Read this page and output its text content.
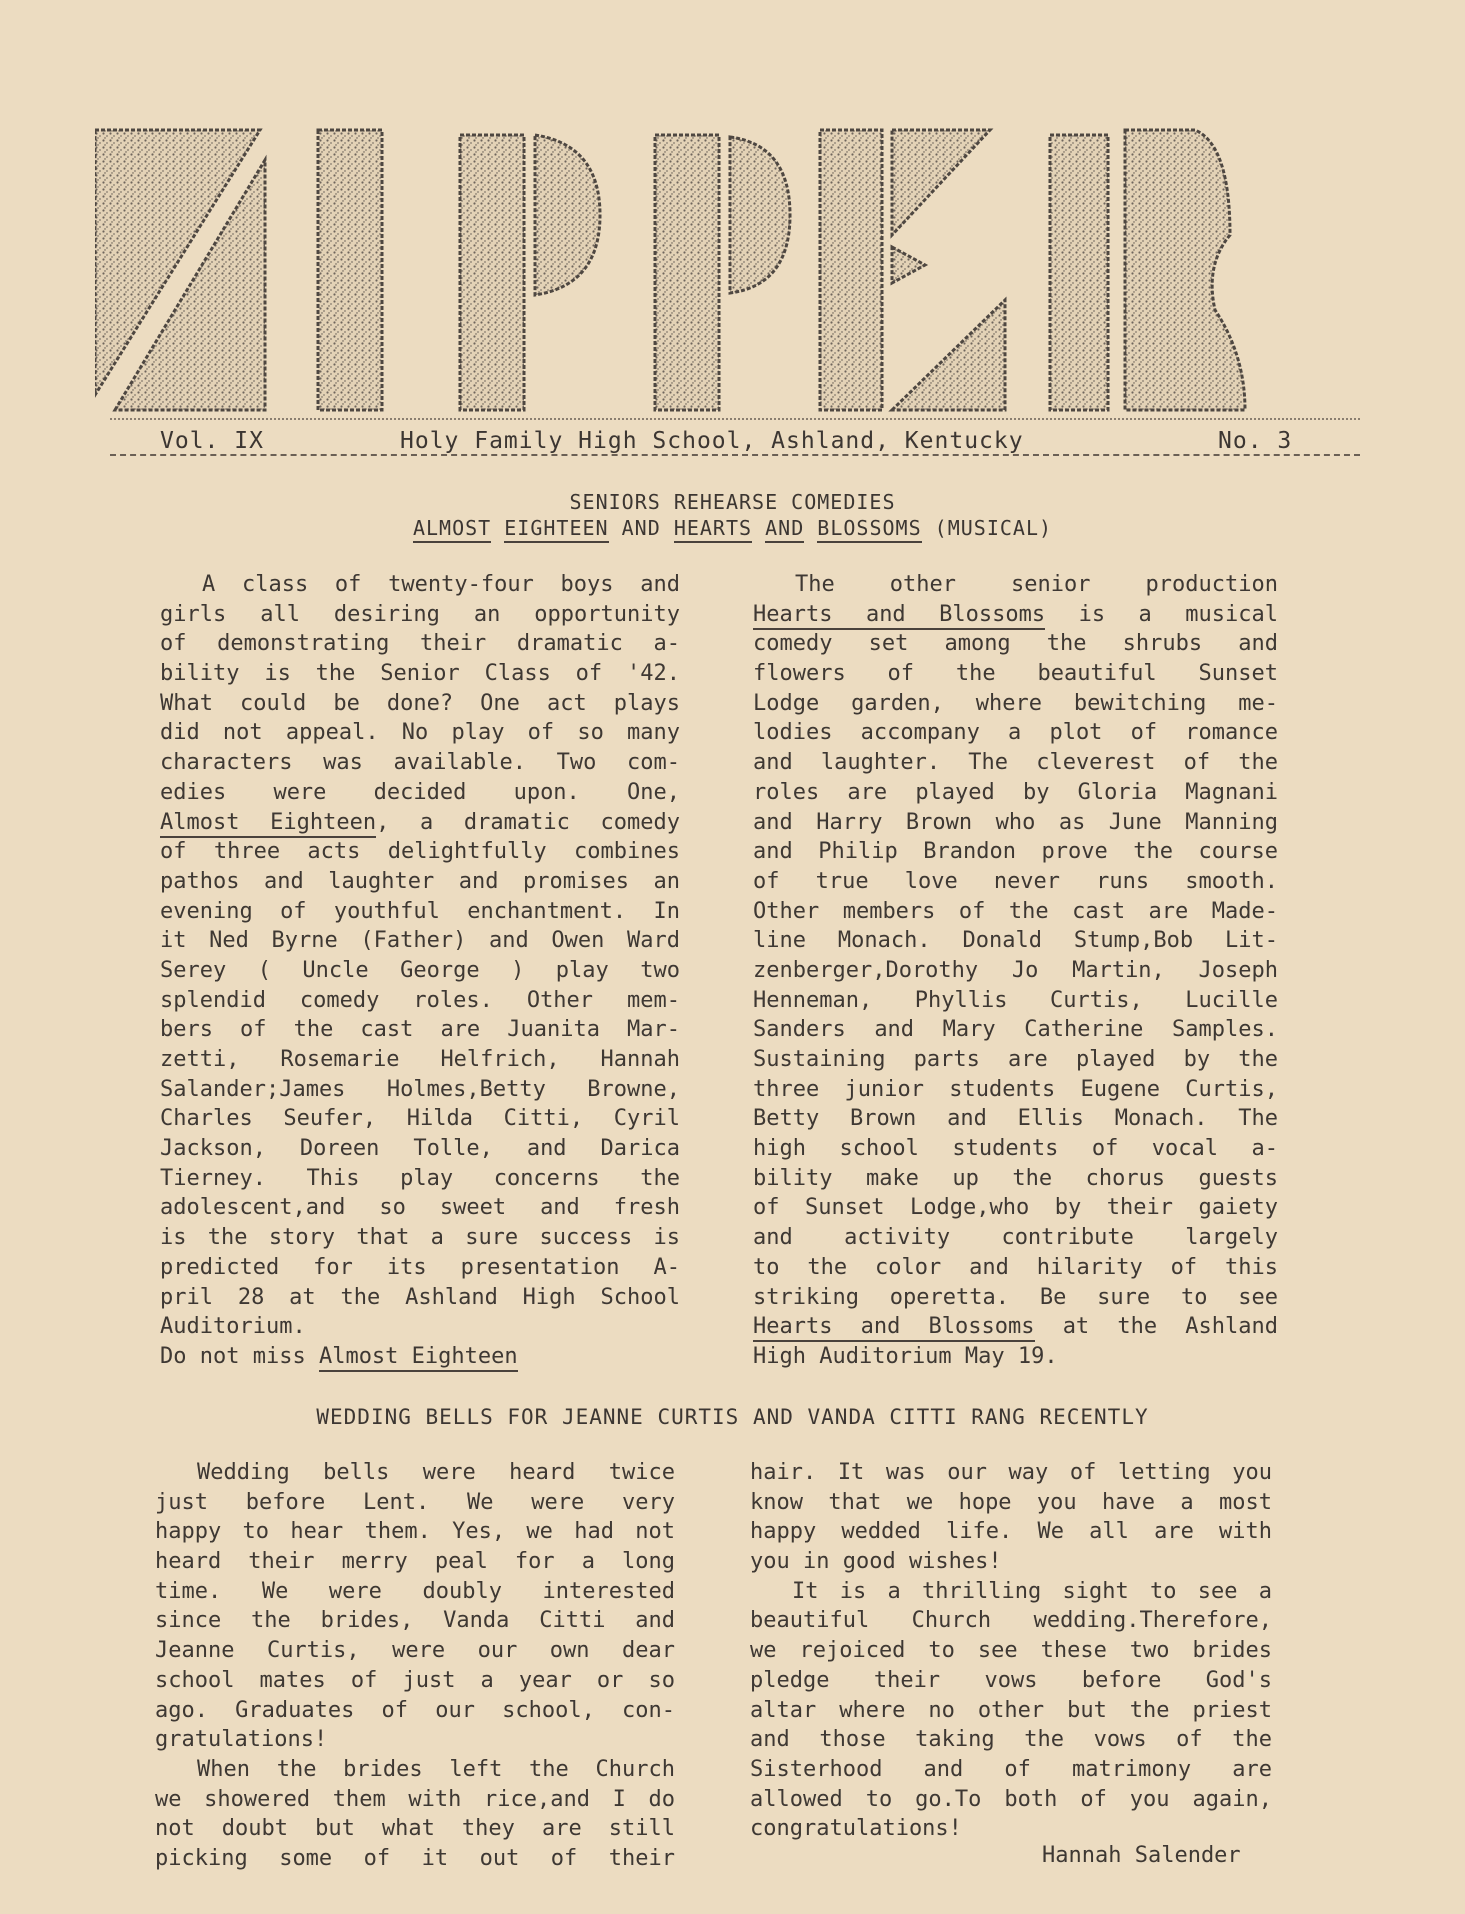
Vol. IX	Holy Family High School, Ashland, Kentucky	No. 3
SENIORS REHEARSE COMEDIES
ALMOST EIGHTEEN AND HEARTS AND BLOSSOMS (MUSICAL)
A class of twenty-four boys and
girls all desiring an opportunity
of demonstrating their dramatic a-
bility is the Senior Class of '42.
What could be done? One act plays
did not appeal. No play of so many
characters was available. Two com-
edies were decided upon. One,
Almost Eighteen, a dramatic comedy
of three acts delightfully combines
pathos and laughter and promises an
evening of youthful enchantment. In
it Ned Byrne (Father) and Owen Ward
Serey ( Uncle George ) play two
splendid comedy roles. Other mem-
bers of the cast are Juanita Mar-
zetti, Rosemarie Helfrich, Hannah
Salander;James Holmes,Betty Browne,
Charles Seufer, Hilda Citti, Cyril
Jackson, Doreen Tolle, and Darica
Tierney. This play concerns the
adolescent,and so sweet and fresh
is the story that a sure success is
predicted for its presentation A-
pril 28 at the Ashland High School
Auditorium.
Do not miss Almost Eighteen
The other senior production
Hearts and Blossoms is a musical
comedy set among the shrubs and
flowers of the beautiful Sunset
Lodge garden, where bewitching me-
lodies accompany a plot of romance
and laughter. The cleverest of the
roles are played by Gloria Magnani
and Harry Brown who as June Manning
and Philip Brandon prove the course
of true love never runs smooth.
Other members of the cast are Made-
line Monach. Donald Stump,Bob Lit-
zenberger,Dorothy Jo Martin, Joseph
Henneman, Phyllis Curtis, Lucille
Sanders and Mary Catherine Samples.
Sustaining parts are played by the
three junior students Eugene Curtis,
Betty Brown and Ellis Monach. The
high school students of vocal a-
bility make up the chorus guests
of Sunset Lodge,who by their gaiety
and activity contribute largely
to the color and hilarity of this
striking operetta. Be sure to see
Hearts and Blossoms at the Ashland
High Auditorium May 19.
WEDDING BELLS FOR JEANNE CURTIS AND VANDA CITTI RANG RECENTLY
Wedding bells were heard twice
just before Lent. We were very
happy to hear them. Yes, we had not
heard their merry peal for a long
time. We were doubly interested
since the brides, Vanda Citti and
Jeanne Curtis, were our own dear
school mates of just a year or so
ago. Graduates of our school, con-
gratulations!
When the brides left the Church
we showered them with rice,and I do
not doubt but what they are still
picking some of it out of their
hair. It was our way of letting you
know that we hope you have a most
happy wedded life. We all are with
you in good wishes!
It is a thrilling sight to see a
beautiful Church wedding.Therefore,
we rejoiced to see these two brides
pledge their vows before God's
altar where no other but the priest
and those taking the vows of the
Sisterhood and of matrimony are
allowed to go.To both of you again,
congratulations!
Hannah Salender
